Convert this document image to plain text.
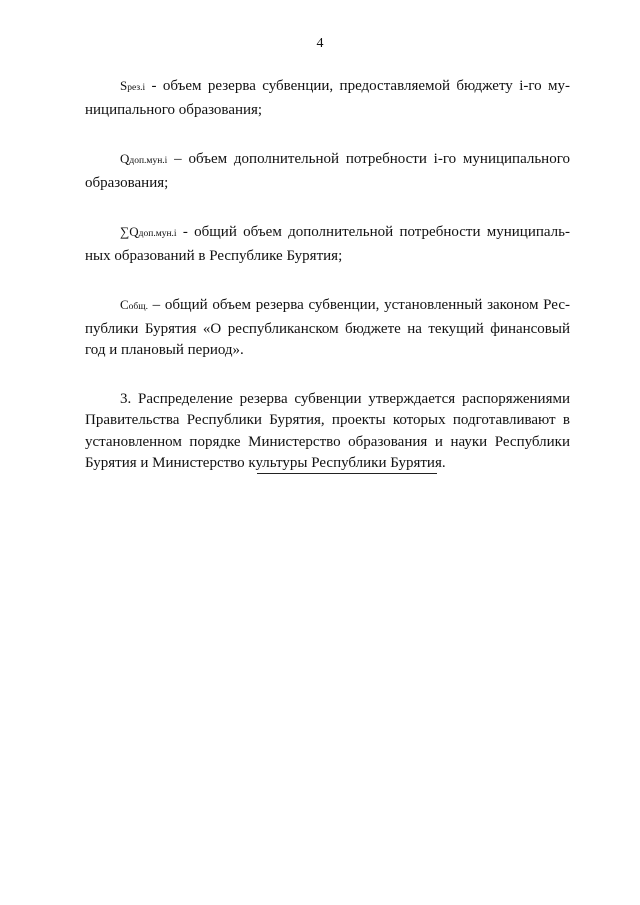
4

Sрез.i - объем резерва субвенции, предоставляемой бюджету i-го му-ниципального образования;

Qдоп.мун.i – объем дополнительной потребности i-го муниципального образования;

∑Qдоп.мун.i - общий объем дополнительной потребности муниципаль-ных образований в Республике Бурятия;

Собщ. – общий объем резерва субвенции, установленный законом Рес-публики Бурятия «О республиканском бюджете на текущий финансовый год и плановый период».

3. Распределение резерва субвенции утверждается распоряжениями Правительства Республики Бурятия, проекты которых подготавливают в установленном порядке Министерство образования и науки Республики Бурятия и Министерство культуры Республики Бурятия.
